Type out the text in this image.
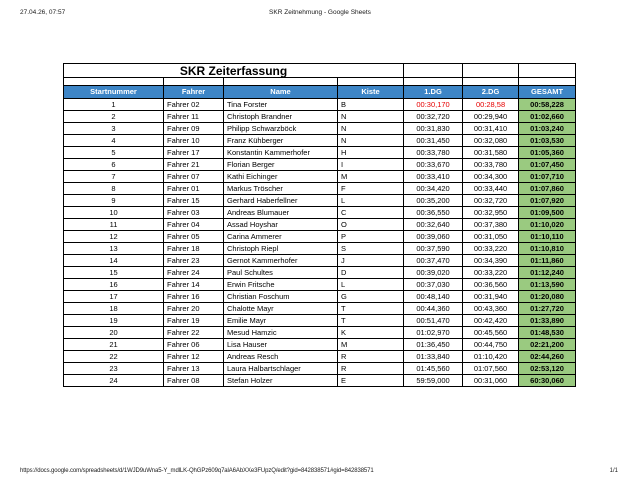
27.04.26, 07:57	SKR Zeitnehmung - Google Sheets
SKR Zeiterfassung						

Startnummer	Fahrer	Name	Kiste	1.DG	2.DG	GESAMT
1	Fahrer 02	Tina Forster	B	00:30,170	00:28,58	00:58,228
2	Fahrer 11	Christoph Brandner	N	00:32,720	00:29,940	01:02,660
3	Fahrer 09	Philipp Schwarzböck	N	00:31,830	00:31,410	01:03,240
4	Fahrer 10	Franz Kühberger	N	00:31,450	00:32,080	01:03,530
5	Fahrer 17	Konstantin Kammerhofer	H	00:33,780	00:31,580	01:05,360
6	Fahrer 21	Florian Berger	I	00:33,670	00:33,780	01:07,450
7	Fahrer 07	Kathi Eichinger	M	00:33,410	00:34,300	01:07,710
8	Fahrer 01	Markus Tröscher	F	00:34,420	00:33,440	01:07,860
9	Fahrer 15	Gerhard Haberfellner	L	00:35,200	00:32,720	01:07,920
10	Fahrer 03	Andreas Blumauer	C	00:36,550	00:32,950	01:09,500
11	Fahrer 04	Assad Hoyshar	O	00:32,640	00:37,380	01:10,020
12	Fahrer 05	Carina Ammerer	P	00:39,060	00:31,050	01:10,110
13	Fahrer 18	Christoph Riepl	S	00:37,590	00:33,220	01:10,810
14	Fahrer 23	Gernot Kammerhofer	J	00:37,470	00:34,390	01:11,860
15	Fahrer 24	Paul Schultes	D	00:39,020	00:33,220	01:12,240
16	Fahrer 14	Erwin Fritsche	L	00:37,030	00:36,560	01:13,590
17	Fahrer 16	Christian Foschum	G	00:48,140	00:31,940	01:20,080
18	Fahrer 20	Chalotte Mayr	T	00:44,360	00:43,360	01:27,720
19	Fahrer 19	Emilie Mayr	T	00:51,470	00:42,420	01:33,890
20	Fahrer 22	Mesud Hamzic	K	01:02,970	00:45,560	01:48,530
21	Fahrer 06	Lisa Hauser	M	01:36,450	00:44,750	02:21,200
22	Fahrer 12	Andreas Resch	R	01:33,840	01:10,420	02:44,260
23	Fahrer 13	Laura Halbartschlager	R	01:45,560	01:07,560	02:53,120
24	Fahrer 08	Stefan Holzer	E	59:59,000	00:31,060	60:30,060
https://docs.google.com/spreadsheets/d/1WJD9uWna5-Y_mdlLK-QhGPz609q7alA6AbXXe3FUpzQ/edit?gid=842838571#gid=842838571	1/1
